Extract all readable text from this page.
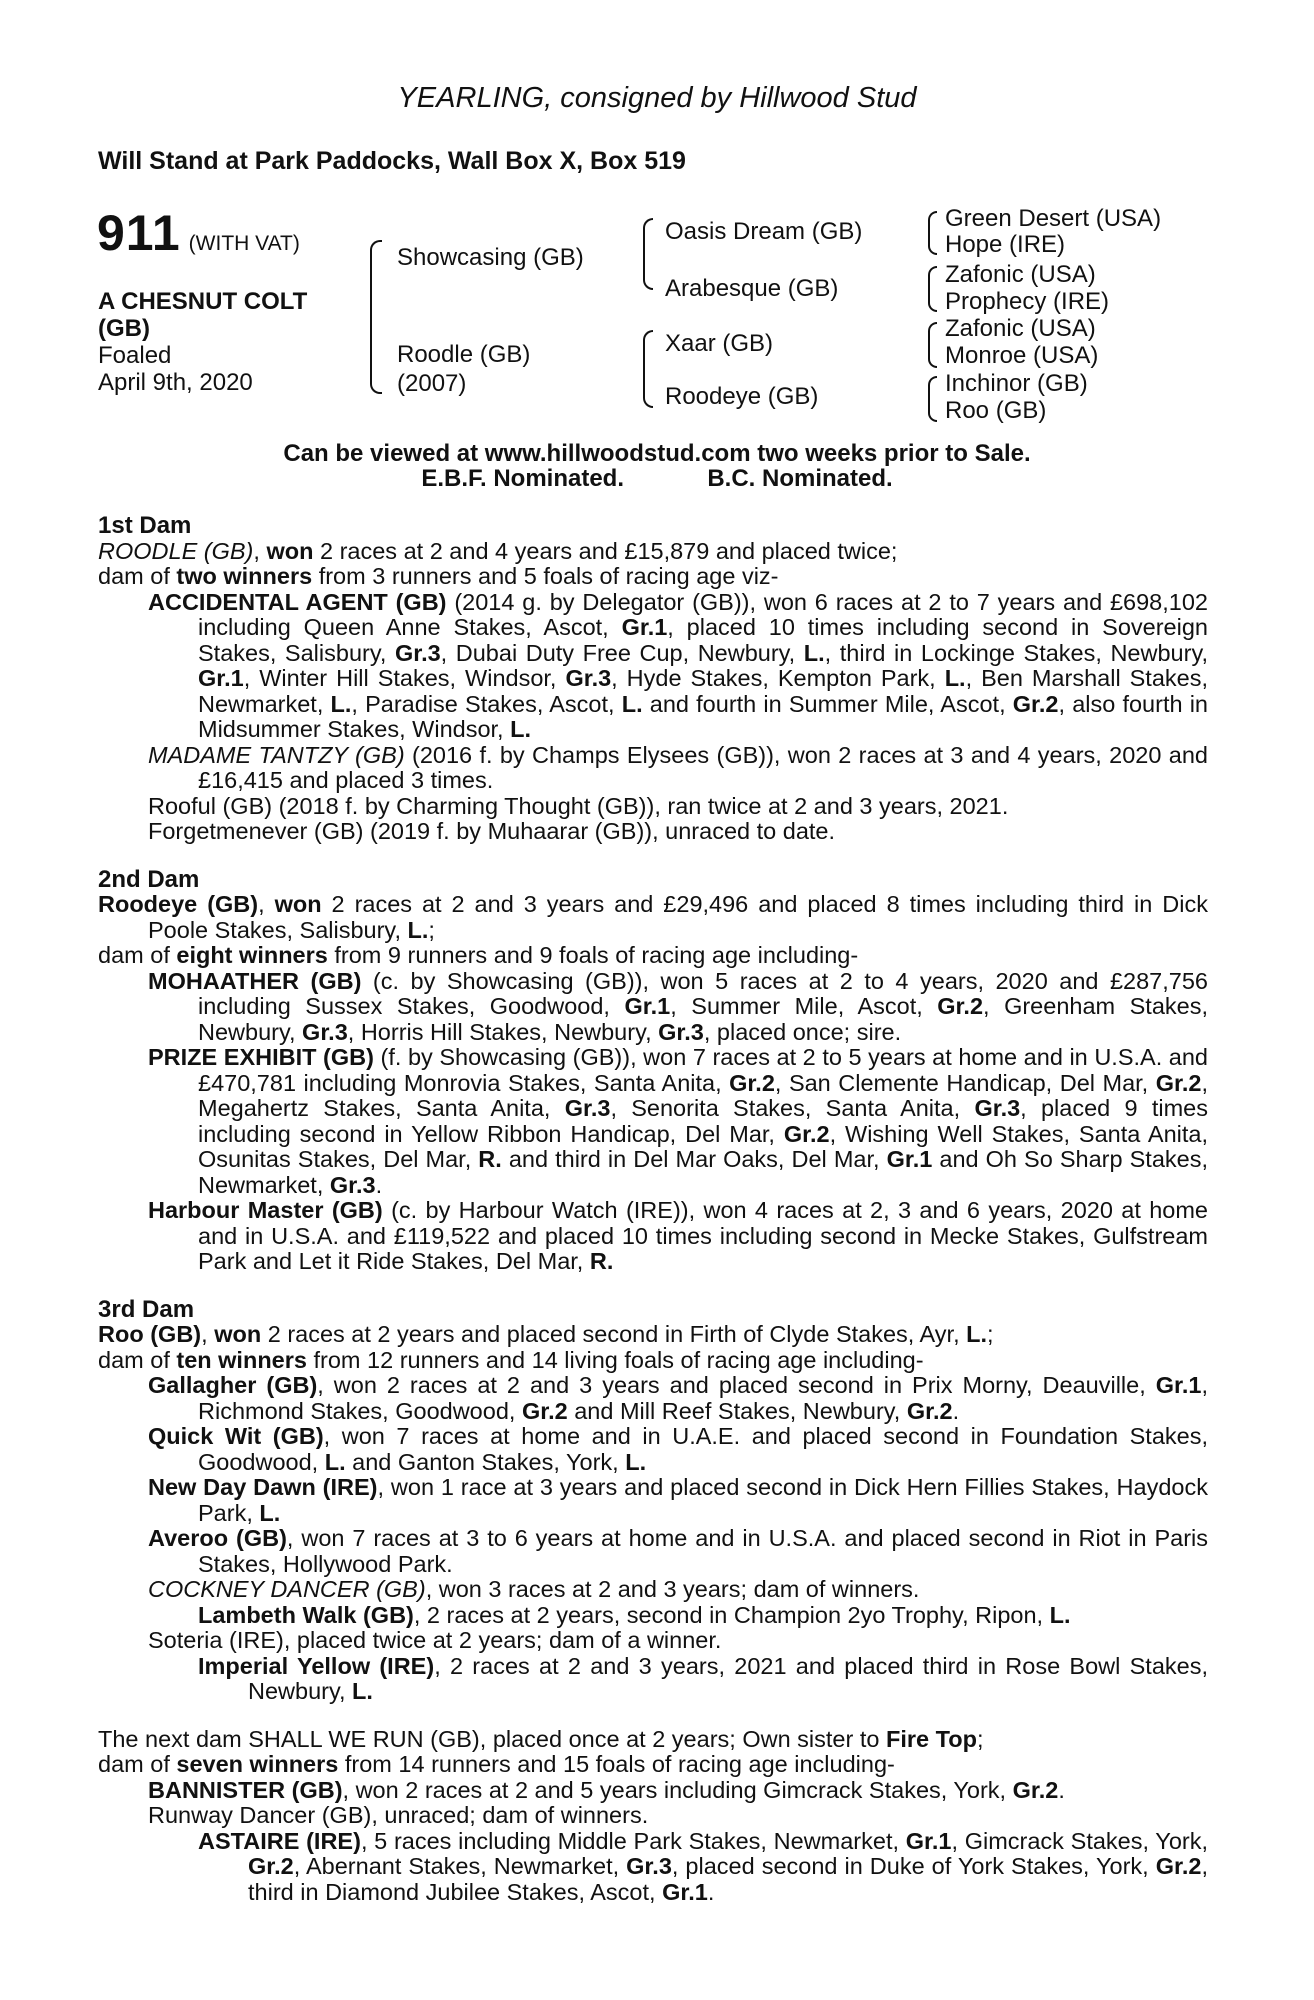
YEARLING, consigned by Hillwood Stud
Will Stand at Park Paddocks, Wall Box X, Box 519
911 (WITH VAT)
A CHESNUT COLT
(GB)
Foaled
April 9th, 2020
Showcasing (GB)
Roodle (GB)
(2007)
Oasis Dream (GB)
Arabesque (GB)
Xaar (GB)
Roodeye (GB)
Green Desert (USA)
Hope (IRE)
Zafonic (USA)
Prophecy (IRE)
Zafonic (USA)
Monroe (USA)
Inchinor (GB)
Roo (GB)
Can be viewed at www.hillwoodstud.com two weeks prior to Sale.
E.B.F. Nominated.	B.C. Nominated.
1st Dam

ROODLE (GB), won 2 races at 2 and 4 years and £15,879 and placed twice;

dam of two winners from 3 runners and 5 foals of racing age viz-

ACCIDENTAL AGENT (GB) (2014 g. by Delegator (GB)), won 6 races at 2 to 7 years and £698,102 including Queen Anne Stakes, Ascot, Gr.1, placed 10 times including second in Sovereign Stakes, Salisbury, Gr.3, Dubai Duty Free Cup, Newbury, L., third in Lockinge Stakes, Newbury, Gr.1, Winter Hill Stakes, Windsor, Gr.3, Hyde Stakes, Kempton Park, L., Ben Marshall Stakes, Newmarket, L., Paradise Stakes, Ascot, L. and fourth in Summer Mile, Ascot, Gr.2, also fourth in Midsummer Stakes, Windsor, L.

MADAME TANTZY (GB) (2016 f. by Champs Elysees (GB)), won 2 races at 3 and 4 years, 2020 and £16,415 and placed 3 times.

Rooful (GB) (2018 f. by Charming Thought (GB)), ran twice at 2 and 3 years, 2021.

Forgetmenever (GB) (2019 f. by Muhaarar (GB)), unraced to date.

2nd Dam

Roodeye (GB), won 2 races at 2 and 3 years and £29,496 and placed 8 times including third in Dick Poole Stakes, Salisbury, L.;

dam of eight winners from 9 runners and 9 foals of racing age including-

MOHAATHER (GB) (c. by Showcasing (GB)), won 5 races at 2 to 4 years, 2020 and £287,756 including Sussex Stakes, Goodwood, Gr.1, Summer Mile, Ascot, Gr.2, Greenham Stakes, Newbury, Gr.3, Horris Hill Stakes, Newbury, Gr.3, placed once; sire.

PRIZE EXHIBIT (GB) (f. by Showcasing (GB)), won 7 races at 2 to 5 years at home and in U.S.A. and £470,781 including Monrovia Stakes, Santa Anita, Gr.2, San Clemente Handicap, Del Mar, Gr.2, Megahertz Stakes, Santa Anita, Gr.3, Senorita Stakes, Santa Anita, Gr.3, placed 9 times including second in Yellow Ribbon Handicap, Del Mar, Gr.2, Wishing Well Stakes, Santa Anita, Osunitas Stakes, Del Mar, R. and third in Del Mar Oaks, Del Mar, Gr.1 and Oh So Sharp Stakes, Newmarket, Gr.3.

Harbour Master (GB) (c. by Harbour Watch (IRE)), won 4 races at 2, 3 and 6 years, 2020 at home and in U.S.A. and £119,522 and placed 10 times including second in Mecke Stakes, Gulfstream Park and Let it Ride Stakes, Del Mar, R.

3rd Dam

Roo (GB), won 2 races at 2 years and placed second in Firth of Clyde Stakes, Ayr, L.;

dam of ten winners from 12 runners and 14 living foals of racing age including-

Gallagher (GB), won 2 races at 2 and 3 years and placed second in Prix Morny, Deauville, Gr.1, Richmond Stakes, Goodwood, Gr.2 and Mill Reef Stakes, Newbury, Gr.2.

Quick Wit (GB), won 7 races at home and in U.A.E. and placed second in Foundation Stakes, Goodwood, L. and Ganton Stakes, York, L.

New Day Dawn (IRE), won 1 race at 3 years and placed second in Dick Hern Fillies Stakes, Haydock Park, L.

Averoo (GB), won 7 races at 3 to 6 years at home and in U.S.A. and placed second in Riot in Paris Stakes, Hollywood Park.

COCKNEY DANCER (GB), won 3 races at 2 and 3 years; dam of winners.

Lambeth Walk (GB), 2 races at 2 years, second in Champion 2yo Trophy, Ripon, L.

Soteria (IRE), placed twice at 2 years; dam of a winner.

Imperial Yellow (IRE), 2 races at 2 and 3 years, 2021 and placed third in Rose Bowl Stakes, Newbury, L.

The next dam SHALL WE RUN (GB), placed once at 2 years; Own sister to Fire Top;

dam of seven winners from 14 runners and 15 foals of racing age including-

BANNISTER (GB), won 2 races at 2 and 5 years including Gimcrack Stakes, York, Gr.2.

Runway Dancer (GB), unraced; dam of winners.

ASTAIRE (IRE), 5 races including Middle Park Stakes, Newmarket, Gr.1, Gimcrack Stakes, York, Gr.2, Abernant Stakes, Newmarket, Gr.3, placed second in Duke of York Stakes, York, Gr.2, third in Diamond Jubilee Stakes, Ascot, Gr.1.
